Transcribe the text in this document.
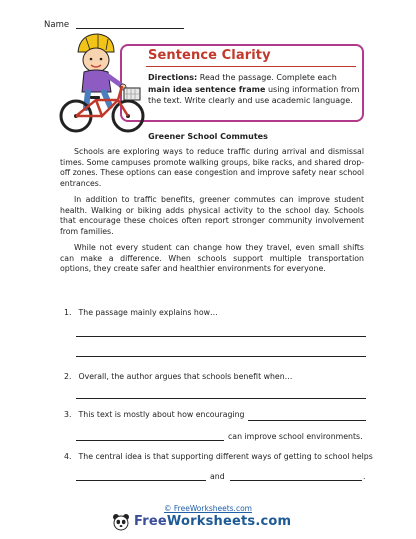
Name
Sentence Clarity
Directions: Read the passage. Complete each main idea sentence frame using information from the text. Write clearly and use academic language.
Greener School Commutes
Schools are exploring ways to reduce traffic during arrival and dismissal times. Some campuses promote walking groups, bike racks, and shared drop-off zones. These options can ease congestion and improve safety near school entrances.
In addition to traffic benefits, greener commutes can improve student health. Walking or biking adds physical activity to the school day. Schools that encourage these choices often report stronger community involvement from families.
While not every student can change how they travel, even small shifts can make a difference. When schools support multiple transportation options, they create safer and healthier environments for everyone.
1. The passage mainly explains how…
2. Overall, the author argues that schools benefit when…
3. This text is mostly about how encouraging
can improve school environments.
4. The central idea is that supporting different ways of getting to school helps
and	.
© FreeWorksheets.com
FreeWorksheets.com
